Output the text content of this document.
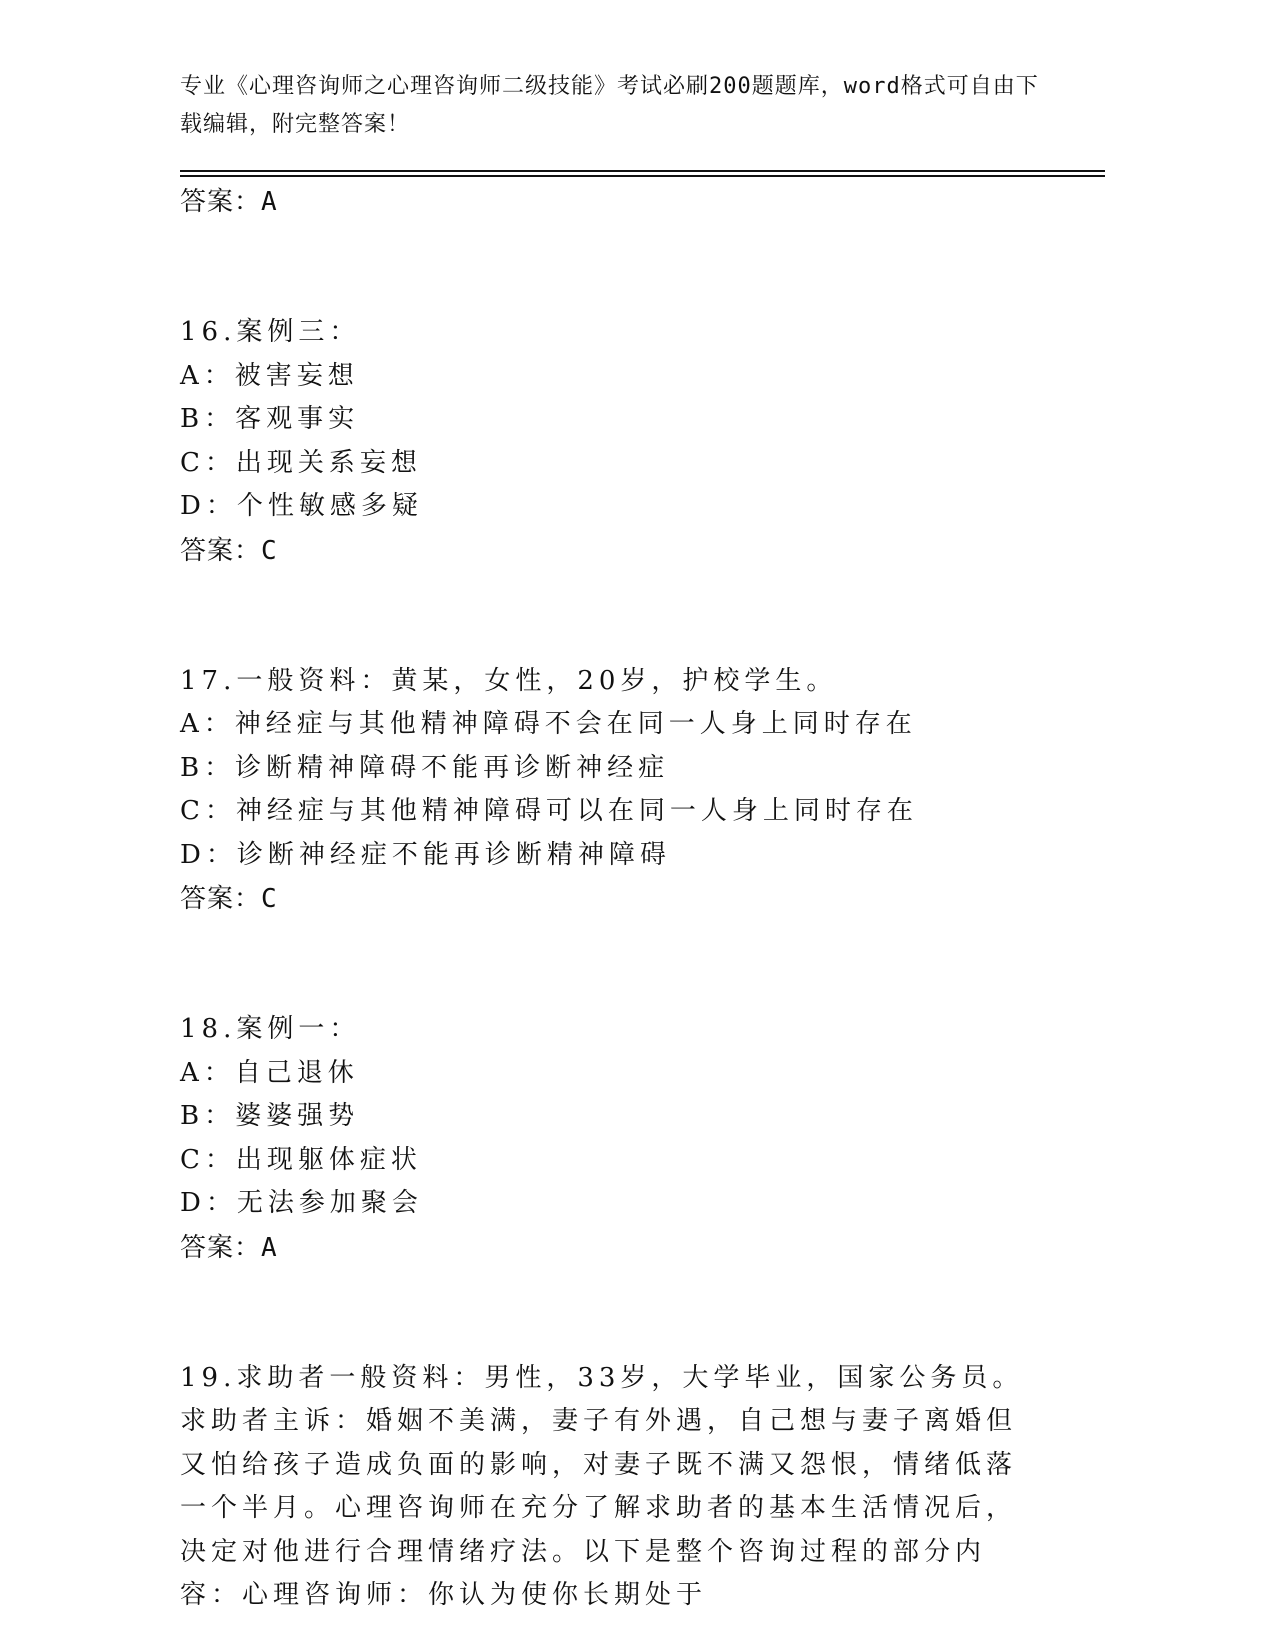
专业《心理咨询师之心理咨询师二级技能》考试必刷200题题库，word格式可自由下载编辑，附完整答案！
答案：A
16.案例三：
A：被害妄想
B：客观事实
C：出现关系妄想
D：个性敏感多疑
答案：C
17.一般资料：黄某，女性，20岁，护校学生。
A：神经症与其他精神障碍不会在同一人身上同时存在
B：诊断精神障碍不能再诊断神经症
C：神经症与其他精神障碍可以在同一人身上同时存在
D：诊断神经症不能再诊断精神障碍
答案：C
18.案例一：
A：自己退休
B：婆婆强势
C：出现躯体症状
D：无法参加聚会
答案：A
19.求助者一般资料：男性，33岁，大学毕业，国家公务员。求助者主诉：婚姻不美满，妻子有外遇，自己想与妻子离婚但又怕给孩子造成负面的影响，对妻子既不满又怨恨，情绪低落一个半月。心理咨询师在充分了解求助者的基本生活情况后，决定对他进行合理情绪疗法。以下是整个咨询过程的部分内容：心理咨询师：你认为使你长期处于
